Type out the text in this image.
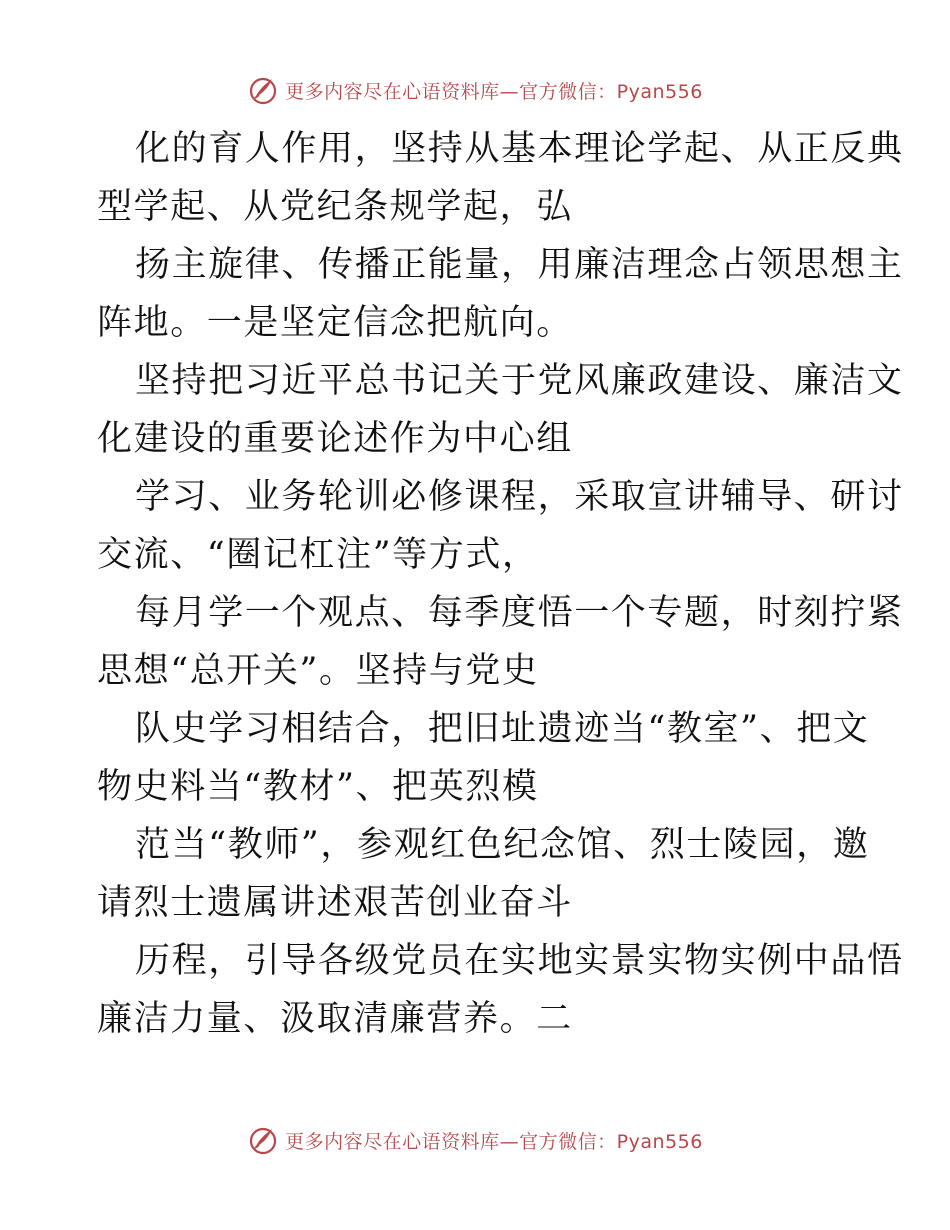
更多内容尽在心语资料库—官方微信：Pyan556
化的育人作用，坚持从基本理论学起、从正反典
型学起、从党纪条规学起，弘
扬主旋律、传播正能量，用廉洁理念占领思想主
阵地。一是坚定信念把航向。
坚持把习近平总书记关于党风廉政建设、廉洁文
化建设的重要论述作为中心组
学习、业务轮训必修课程，采取宣讲辅导、研讨
交流、“圈记杠注”等方式，
每月学一个观点、每季度悟一个专题，时刻拧紧
思想“总开关”。坚持与党史
队史学习相结合，把旧址遗迹当“教室”、把文
物史料当“教材”、把英烈模
范当“教师”，参观红色纪念馆、烈士陵园，邀
请烈士遗属讲述艰苦创业奋斗
历程，引导各级党员在实地实景实物实例中品悟
廉洁力量、汲取清廉营养。二
更多内容尽在心语资料库—官方微信：Pyan556
